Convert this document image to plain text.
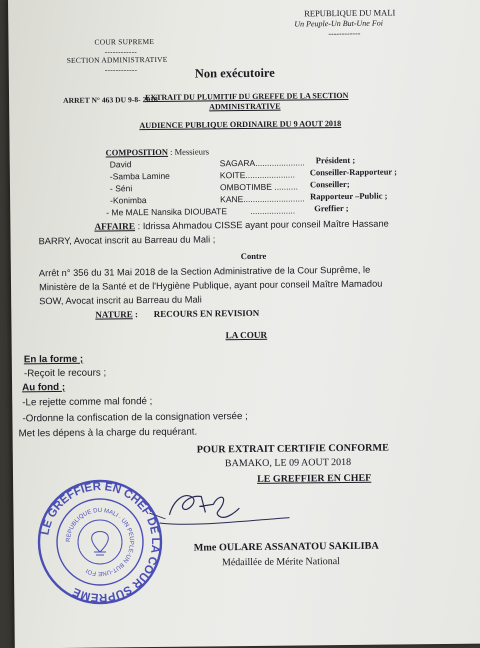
COUR SUPREME
------------
SECTION ADMINISTRATIVE
------------
REPUBLIQUE DU MALI
Un Peuple-Un But-Une Foi
------------
Non exécutoire
ARRET N° 463 DU 9-8- 2018
EXTRAIT DU PLUMITIF DU GREFFE DE LA SECTION
ADMINISTRATIVE
AUDIENCE PUBLIQUE ORDINAIRE DU 9 AOUT 2018
COMPOSITION : Messieurs
David	SAGARA..................... Président ;
-Samba Lamine	KOITE..................... Conseiller-Rapporteur ;
- Séni	OMBOTIMBE .......... Conseiller;
-Konimba	KANE.......................... Rapporteur –Public ;
- Me MALE Nansika DIOUBATE	................... Greffier ;
AFFAIRE : Idrissa Ahmadou CISSE ayant pour conseil Maître Hassane
BARRY, Avocat inscrit au Barreau du Mali ;
Contre
Arrêt n° 356 du 31 Mai 2018 de la Section Administrative de la Cour Suprême, le
Ministère de la Santé et de l'Hygiène Publique, ayant pour conseil Maître Mamadou
SOW, Avocat inscrit au Barreau du Mali
NATURE :       RECOURS EN REVISION
LA COUR
En la forme ;
-Reçoit le recours ;
Au fond ;
-Le rejette comme mal fondé ;
-Ordonne la confiscation de la consignation versée ;
Met les dépens à la charge du requérant.
POUR EXTRAIT CERTIFIE CONFORME
BAMAKO, LE 09 AOUT 2018
LE GREFFIER EN CHEF
Mme OULARE ASSANATOU SAKILIBA
Médaillée de Mérite National
LE GREFFIER EN CHEF DE LA COUR SUPREME
REPUBLIQUE DU MALI · UN PEUPLE-UN BUT-UNE FOI
